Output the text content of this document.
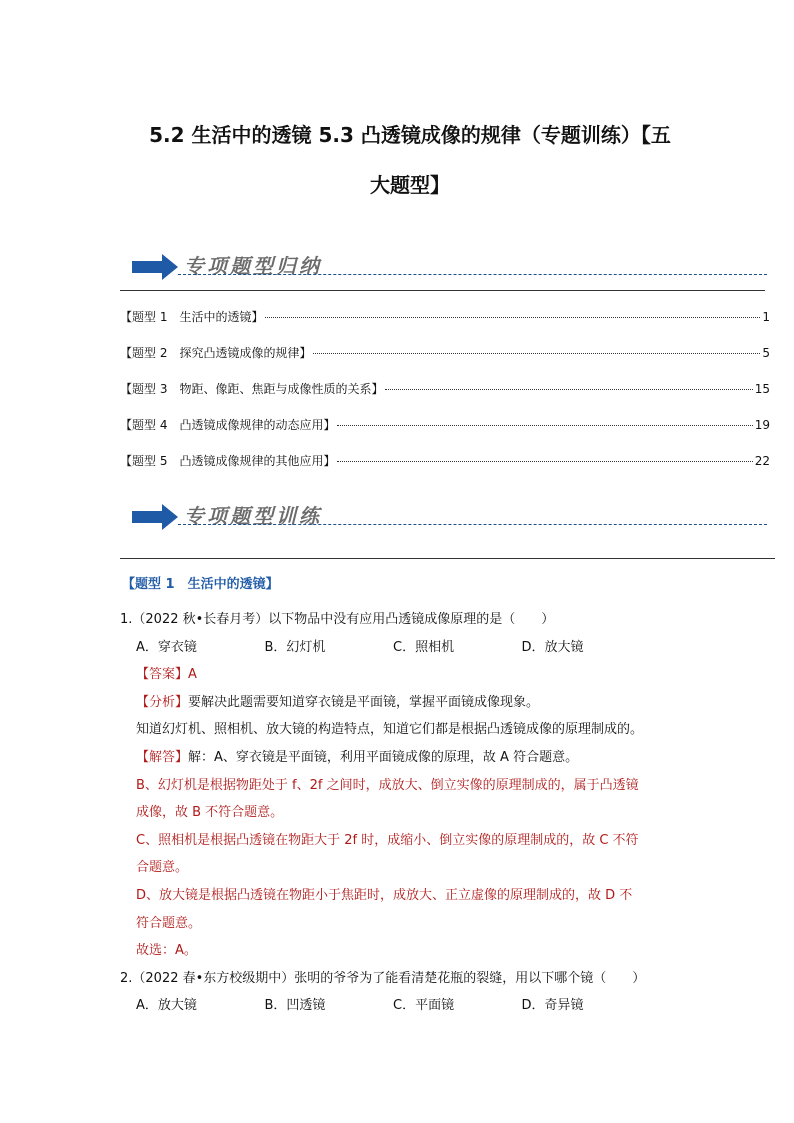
5.2 生活中的透镜 5.3 凸透镜成像的规律（专题训练）【五
大题型】
专项题型归纳
【题型 1　生活中的透镜】	1
【题型 2　探究凸透镜成像的规律】	5
【题型 3　物距、像距、焦距与成像性质的关系】	15
【题型 4　凸透镜成像规律的动态应用】	19
【题型 5　凸透镜成像规律的其他应用】	22
专项题型训练
【题型 1　生活中的透镜】
1.（2022 秋•长春月考）以下物品中没有应用凸透镜成像原理的是（　　）
A．穿衣镜	B．幻灯机	C．照相机	D．放大镜
【答案】A
【分析】要解决此题需要知道穿衣镜是平面镜，掌握平面镜成像现象。
知道幻灯机、照相机、放大镜的构造特点，知道它们都是根据凸透镜成像的原理制成的。
【解答】解：A、穿衣镜是平面镜，利用平面镜成像的原理，故 A 符合题意。
B、幻灯机是根据物距处于 f、2f 之间时，成放大、倒立实像的原理制成的，属于凸透镜
成像，故 B 不符合题意。
C、照相机是根据凸透镜在物距大于 2f 时，成缩小、倒立实像的原理制成的，故 C 不符
合题意。
D、放大镜是根据凸透镜在物距小于焦距时，成放大、正立虚像的原理制成的，故 D 不
符合题意。
故选：A。
2.（2022 春•东方校级期中）张明的爷爷为了能看清楚花瓶的裂缝，用以下哪个镜（　　）
A．放大镜	B．凹透镜	C．平面镜	D．奇异镜
